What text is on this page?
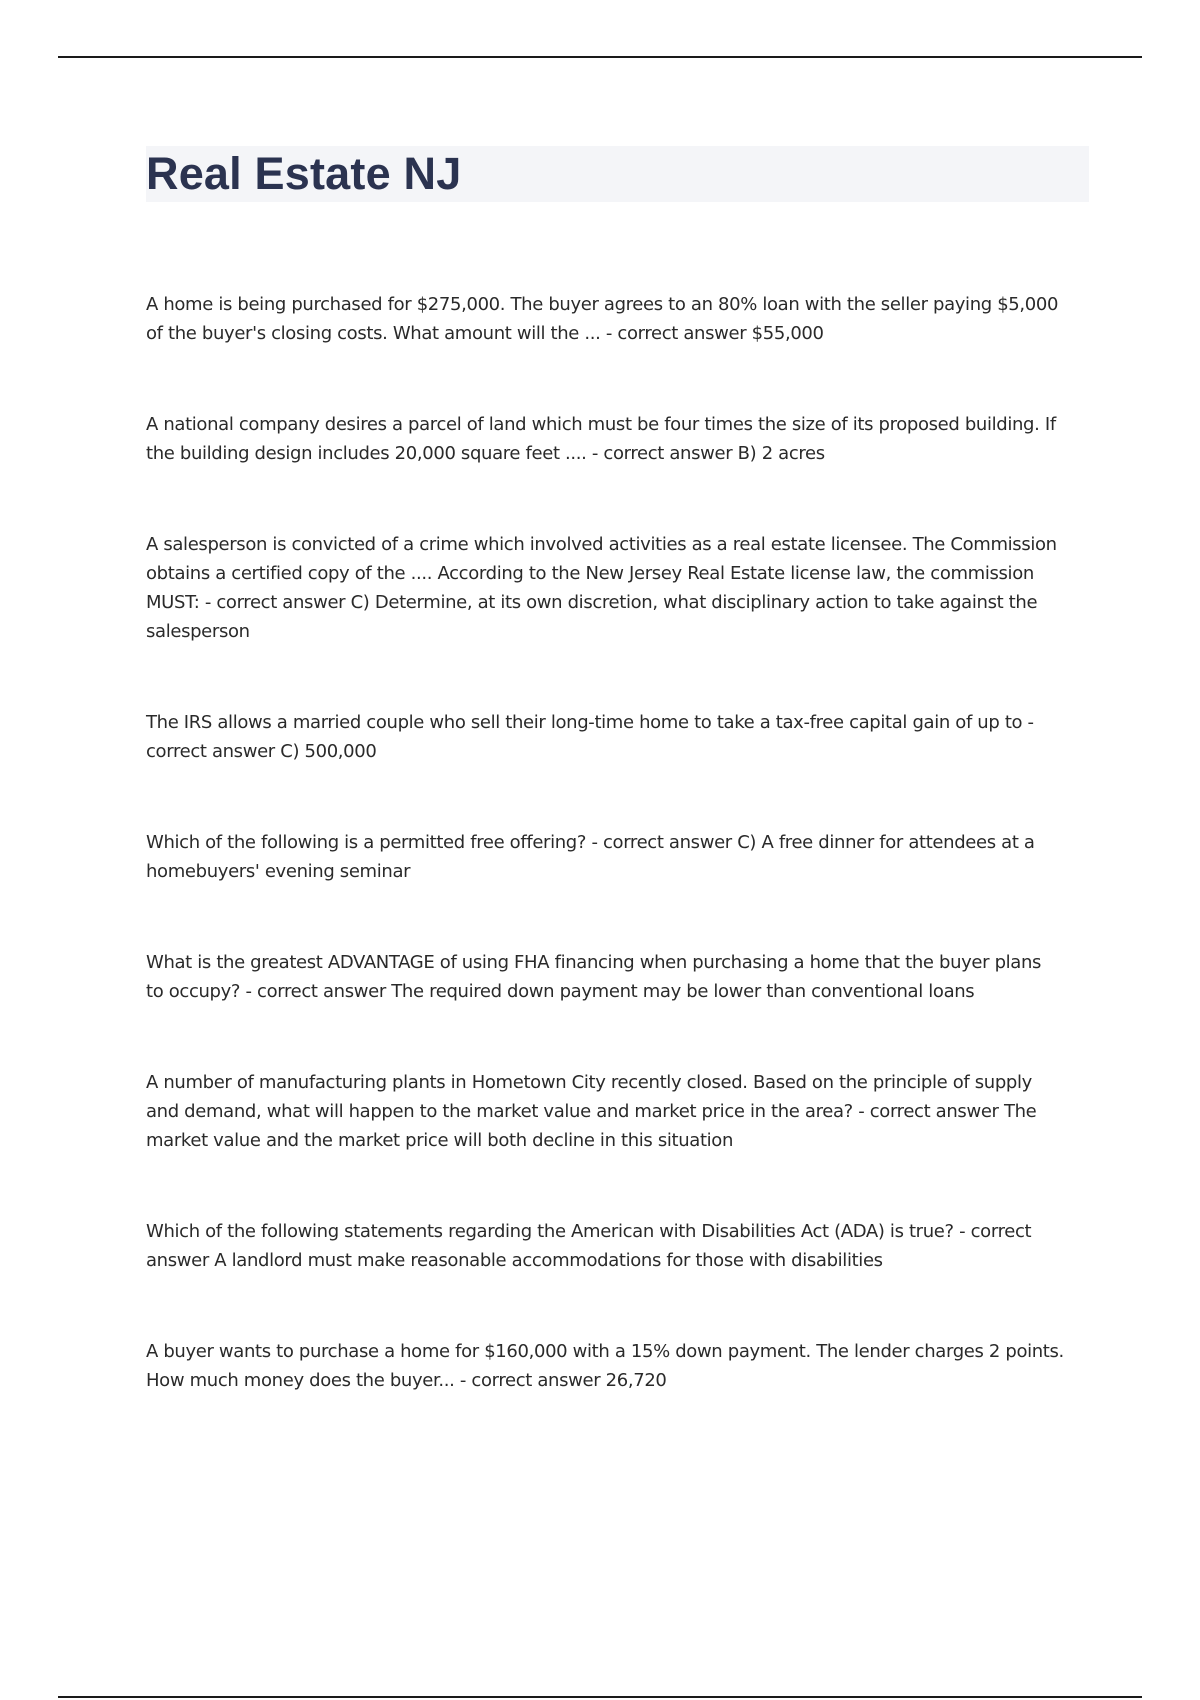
Real Estate NJ
A home is being purchased for $275,000. The buyer agrees to an 80% loan with the seller paying $5,000
of the buyer's closing costs. What amount will the ... - correct answer $55,000
A national company desires a parcel of land which must be four times the size of its proposed building. If
the building design includes 20,000 square feet .... - correct answer B) 2 acres
A salesperson is convicted of a crime which involved activities as a real estate licensee. The Commission
obtains a certified copy of the .... According to the New Jersey Real Estate license law, the commission
MUST: - correct answer C) Determine, at its own discretion, what disciplinary action to take against the
salesperson
The IRS allows a married couple who sell their long-time home to take a tax-free capital gain of up to -
correct answer C) 500,000
Which of the following is a permitted free offering? - correct answer C) A free dinner for attendees at a
homebuyers' evening seminar
What is the greatest ADVANTAGE of using FHA financing when purchasing a home that the buyer plans
to occupy? - correct answer The required down payment may be lower than conventional loans
A number of manufacturing plants in Hometown City recently closed. Based on the principle of supply
and demand, what will happen to the market value and market price in the area? - correct answer The
market value and the market price will both decline in this situation
Which of the following statements regarding the American with Disabilities Act (ADA) is true? - correct
answer A landlord must make reasonable accommodations for those with disabilities
A buyer wants to purchase a home for $160,000 with a 15% down payment. The lender charges 2 points.
How much money does the buyer... - correct answer 26,720
